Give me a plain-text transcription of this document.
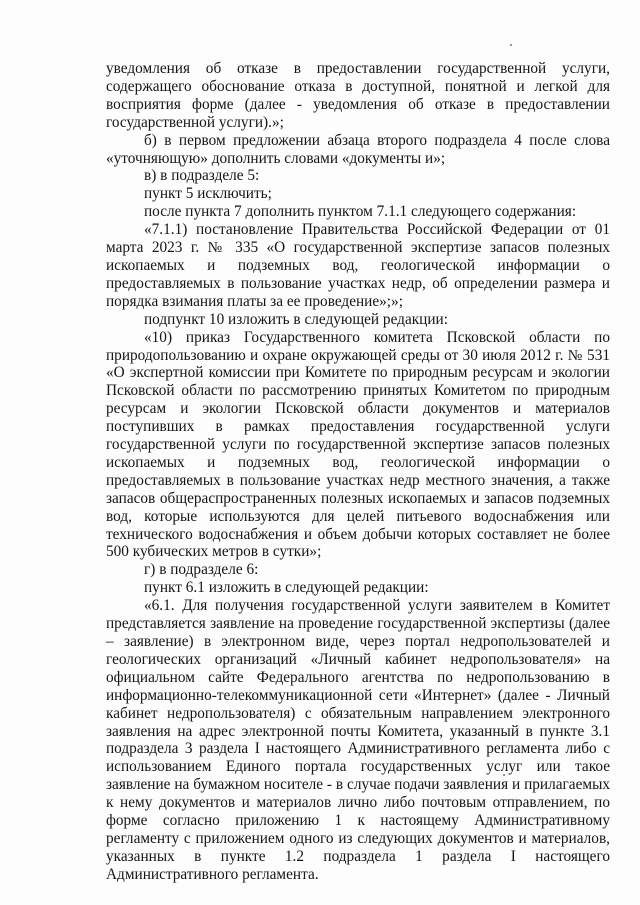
уведомления об отказе в предоставлении государственной услуги, содержащего обоснование отказа в доступной, понятной и легкой для восприятия форме (далее - уведомления об отказе в предоставлении государственной услуги).»;

б) в первом предложении абзаца второго подраздела 4 после слова «уточняющую» дополнить словами «документы и»;

в) в подразделе 5:

пункт 5 исключить;

после пункта 7 дополнить пунктом 7.1.1 следующего содержания:

«7.1.1) постановление Правительства Российской Федерации от 01 марта 2023 г. № 335 «О государственной экспертизе запасов полезных ископаемых и подземных вод, геологической информации о предоставляемых в пользование участках недр, об определении размера и порядка взимания платы за ее проведение»;»;

подпункт 10 изложить в следующей редакции:

«10) приказ Государственного комитета Псковской области по природопользованию и охране окружающей среды от 30 июля 2012 г. № 531 «О экспертной комиссии при Комитете по природным ресурсам и экологии Псковской области по рассмотрению принятых Комитетом по природным ресурсам и экологии Псковской области документов и материалов поступивших в рамках предоставления государственной услуги государственной услуги по государственной экспертизе запасов полезных ископаемых и подземных вод, геологической информации о предоставляемых в пользование участках недр местного значения, а также запасов общераспространенных полезных ископаемых и запасов подземных вод, которые используются для целей питьевого водоснабжения или технического водоснабжения и объем добычи которых составляет не более 500 кубических метров в сутки»;

г) в подразделе 6:

пункт 6.1 изложить в следующей редакции:

«6.1. Для получения государственной услуги заявителем в Комитет представляется заявление на проведение государственной экспертизы (далее – заявление) в электронном виде, через портал недропользователей и геологических организаций «Личный кабинет недропользователя» на официальном сайте Федерального агентства по недропользованию в информационно-телекоммуникационной сети «Интернет» (далее - Личный кабинет недропользователя) с обязательным направлением электронного заявления на адрес электронной почты Комитета, указанный в пункте 3.1 подраздела 3 раздела I настоящего Административного регламента либо с использованием Единого портала государственных услуг или такое заявление на бумажном носителе - в случае подачи заявления и прилагаемых к нему документов и материалов лично либо почтовым отправлением, по форме согласно приложению 1 к настоящему Административному регламенту с приложением одного из следующих документов и материалов, указанных в пункте 1.2 подраздела 1 раздела I настоящего Административного регламента.
